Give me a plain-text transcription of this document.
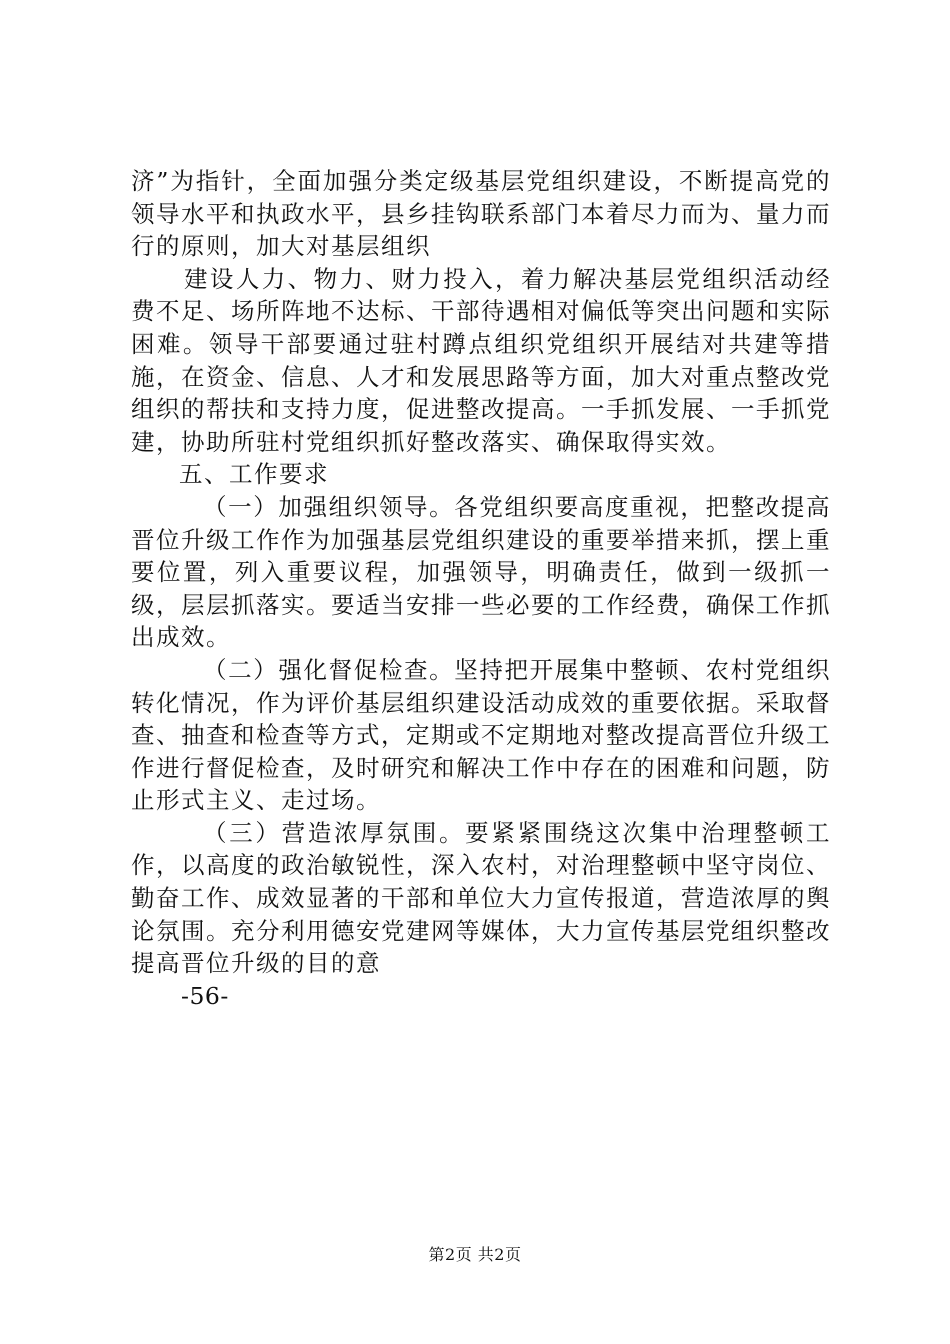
济”为指针，全面加强分类定级基层党组织建设，不断提高党的领导水平和执政水平，县乡挂钩联系部门本着尽力而为、量力而行的原则，加大对基层组织

建设人力、物力、财力投入，着力解决基层党组织活动经费不足、场所阵地不达标、干部待遇相对偏低等突出问题和实际困难。领导干部要通过驻村蹲点组织党组织开展结对共建等措施，在资金、信息、人才和发展思路等方面，加大对重点整改党组织的帮扶和支持力度，促进整改提高。一手抓发展、一手抓党建，协助所驻村党组织抓好整改落实、确保取得实效。

五、工作要求

（一）加强组织领导。各党组织要高度重视，把整改提高晋位升级工作作为加强基层党组织建设的重要举措来抓，摆上重要位置，列入重要议程，加强领导，明确责任，做到一级抓一级，层层抓落实。要适当安排一些必要的工作经费，确保工作抓出成效。

（二）强化督促检查。坚持把开展集中整顿、农村党组织转化情况，作为评价基层组织建设活动成效的重要依据。采取督查、抽查和检查等方式，定期或不定期地对整改提高晋位升级工作进行督促检查，及时研究和解决工作中存在的困难和问题，防止形式主义、走过场。

（三）营造浓厚氛围。要紧紧围绕这次集中治理整顿工作，以高度的政治敏锐性，深入农村，对治理整顿中坚守岗位、勤奋工作、成效显著的干部和单位大力宣传报道，营造浓厚的舆论氛围。充分利用德安党建网等媒体，大力宣传基层党组织整改提高晋位升级的目的意

-56-

第2页 共2页
